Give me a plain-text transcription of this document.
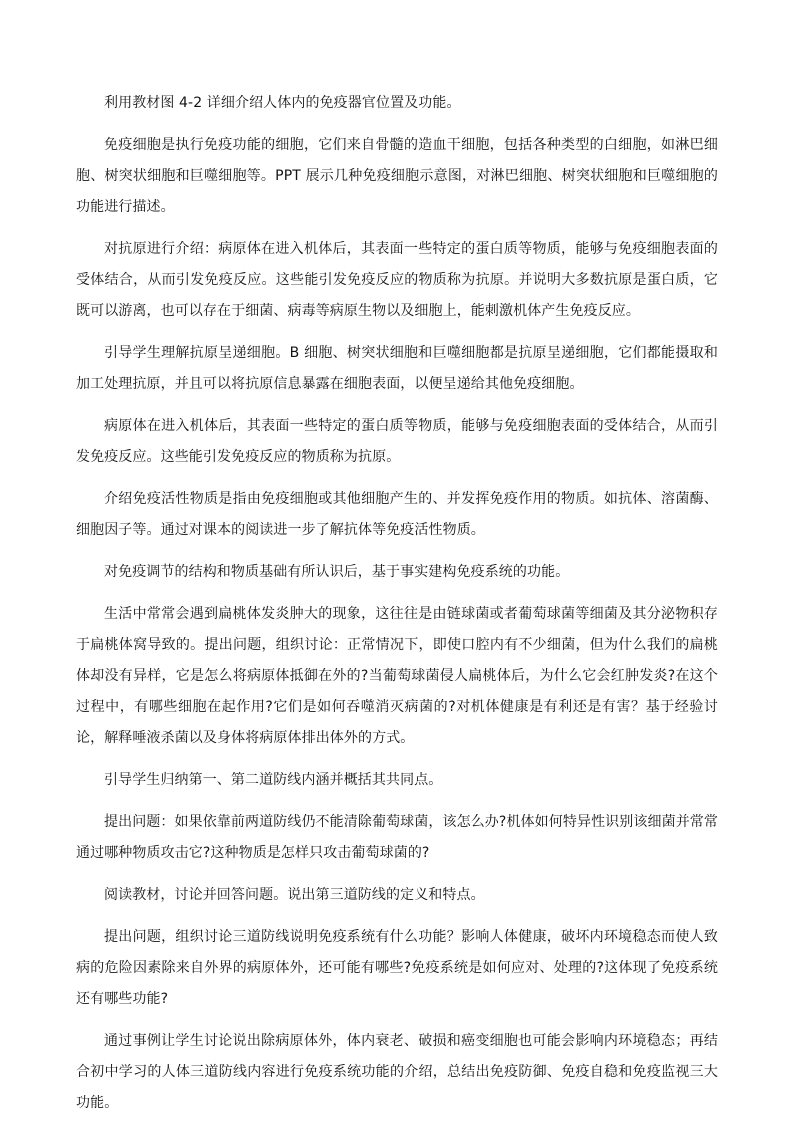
利用教材图 4-2 详细介绍人体内的免疫器官位置及功能。

免疫细胞是执行免疫功能的细胞，它们来自骨髓的造血干细胞，包括各种类型的白细胞，如淋巴细胞、树突状细胞和巨噬细胞等。PPT 展示几种免疫细胞示意图，对淋巴细胞、树突状细胞和巨噬细胞的功能进行描述。

对抗原进行介绍：病原体在进入机体后，其表面一些特定的蛋白质等物质，能够与免疫细胞表面的受体结合，从而引发免疫反应。这些能引发免疫反应的物质称为抗原。并说明大多数抗原是蛋白质，它既可以游离，也可以存在于细菌、病毒等病原生物以及细胞上，能刺激机体产生免疫反应。

引导学生理解抗原呈递细胞。B 细胞、树突状细胞和巨噬细胞都是抗原呈递细胞，它们都能摄取和加工处理抗原，并且可以将抗原信息暴露在细胞表面，以便呈递给其他免疫细胞。

病原体在进入机体后，其表面一些特定的蛋白质等物质，能够与免疫细胞表面的受体结合，从而引发免疫反应。这些能引发免疫反应的物质称为抗原。

介绍免疫活性物质是指由免疫细胞或其他细胞产生的、并发挥免疫作用的物质。如抗体、溶菌酶、细胞因子等。通过对课本的阅读进一步了解抗体等免疫活性物质。

对免疫调节的结构和物质基础有所认识后，基于事实建构免疫系统的功能。

生活中常常会遇到扁桃体发炎肿大的现象，这往往是由链球菌或者葡萄球菌等细菌及其分泌物积存于扁桃体窝导致的。提出问题，组织讨论：正常情况下，即使口腔内有不少细菌，但为什么我们的扁桃体却没有异样，它是怎么将病原体抵御在外的?当葡萄球菌侵人扁桃体后，为什么它会红肿发炎?在这个过程中，有哪些细胞在起作用?它们是如何吞噬消灭病菌的?对机体健康是有利还是有害？基于经验讨论，解释唾液杀菌以及身体将病原体排出体外的方式。

引导学生归纳第一、第二道防线内涵并概括其共同点。

提出问题：如果依靠前两道防线仍不能清除葡萄球菌，该怎么办?机体如何特异性识别该细菌并常常通过哪种物质攻击它?这种物质是怎样只攻击葡萄球菌的?

阅读教材，讨论并回答问题。说出第三道防线的定义和特点。

提出问题，组织讨论三道防线说明免疫系统有什么功能？影响人体健康，破坏内环境稳态而使人致病的危险因素除来自外界的病原体外，还可能有哪些?免疫系统是如何应对、处理的?这体现了免疫系统还有哪些功能?

通过事例让学生讨论说出除病原体外，体内衰老、破损和癌变细胞也可能会影响内环境稳态；再结合初中学习的人体三道防线内容进行免疫系统功能的介绍，总结出免疫防御、免疫自稳和免疫监视三大功能。
